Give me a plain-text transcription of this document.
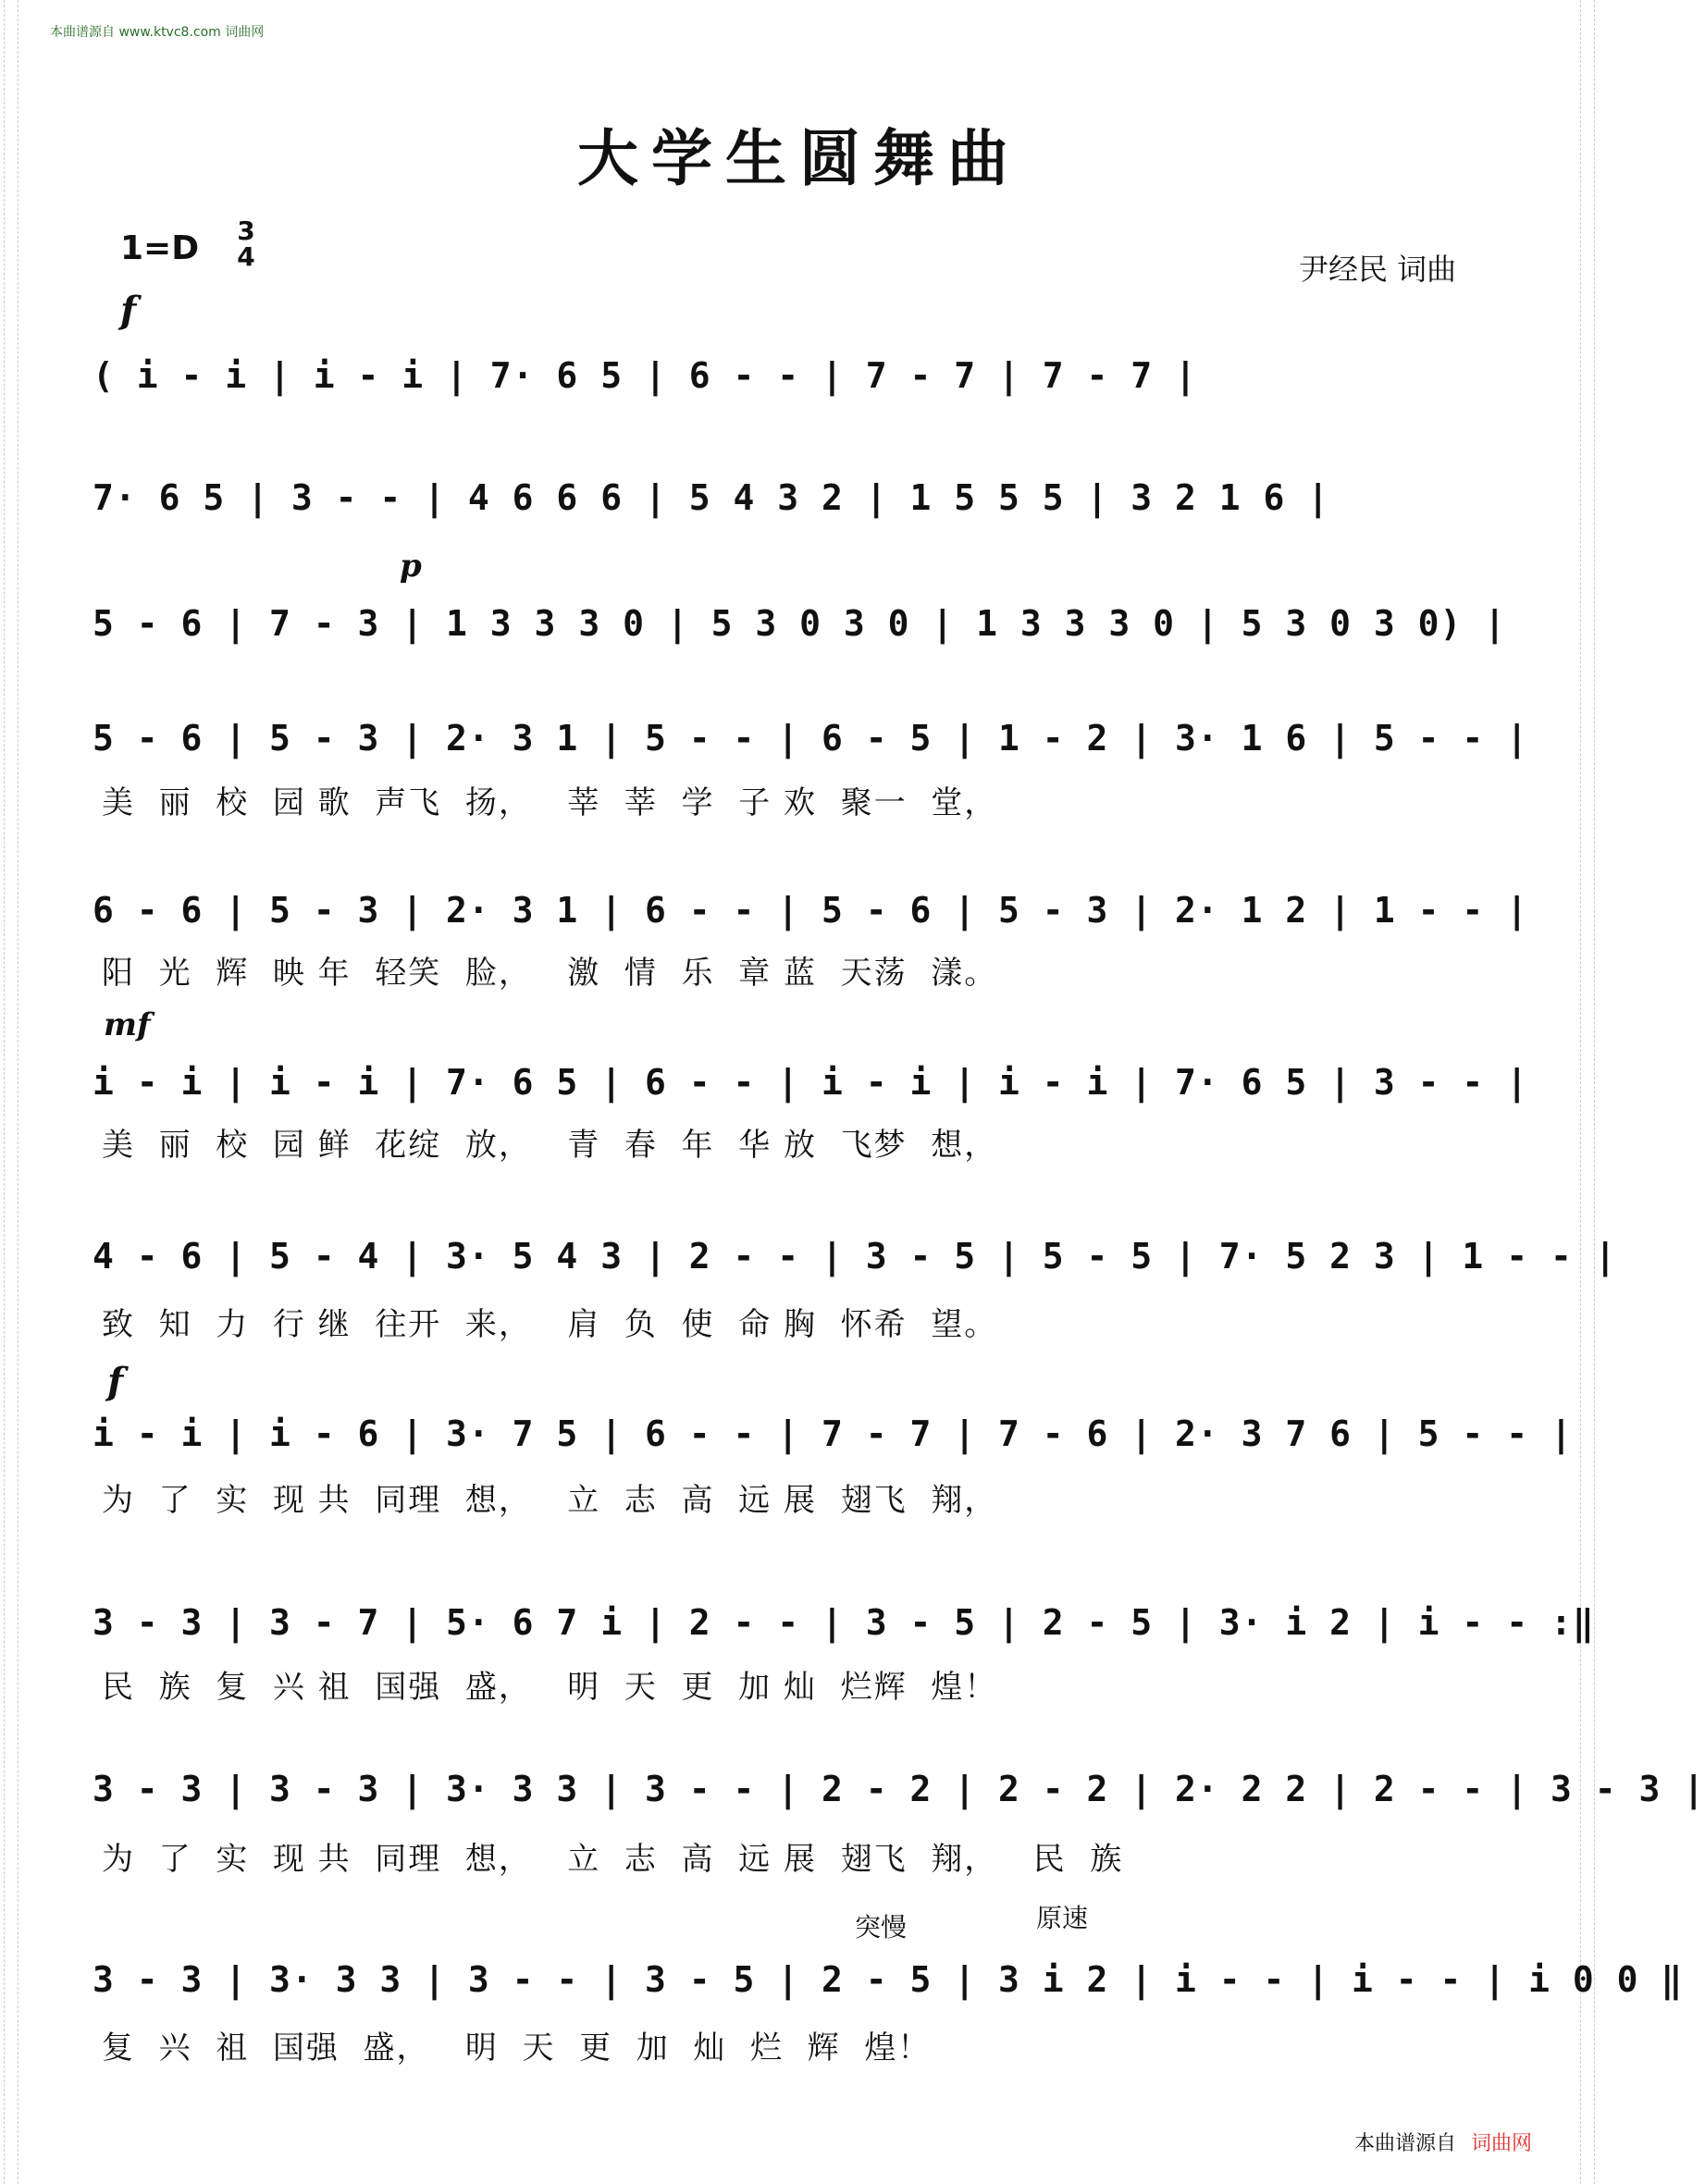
本曲谱源自 www.ktvc8.com 词曲网
大学生圆舞曲
1=D 3
4	尹经民 词曲
f
p
mf
f
突慢	原速
( i - i | i - i | 7· 6 5 | 6 - - | 7 - 7 | 7 - 7 |
7· 6 5 | 3 - - | 4 6 6 6 | 5 4 3 2 | 1 5 5 5 | 3 2 1 6 |
5 - 6 | 7 - 3 | 1 3 3 3 0 | 5 3 0 3 0 | 1 3 3 3 0 | 5 3 0 3 0) |
5 - 6 | 5 - 3 | 2· 3 1 | 5 - - | 6 - 5 | 1 - 2 | 3· 1 6 | 5 - - |
美  丽  校  园 歌  声飞  扬，   莘  莘  学  子 欢  聚一  堂，
6 - 6 | 5 - 3 | 2· 3 1 | 6 - - | 5 - 6 | 5 - 3 | 2· 1 2 | 1 - - |
阳  光  辉  映 年  轻笑  脸，   激  情  乐  章 蓝  天荡  漾。
i - i | i - i | 7· 6 5 | 6 - - | i - i | i - i | 7· 6 5 | 3 - - |
美  丽  校  园 鲜  花绽  放，   青  春  年  华 放  飞梦  想，
4 - 6 | 5 - 4 | 3· 5 4 3 | 2 - - | 3 - 5 | 5 - 5 | 7· 5 2 3 | 1 - - |
致  知  力  行 继  往开  来，   肩  负  使  命 胸  怀希  望。
i - i | i - 6 | 3· 7 5 | 6 - - | 7 - 7 | 7 - 6 | 2· 3 7 6 | 5 - - |
为  了  实  现 共  同理  想，   立  志  高  远 展  翅飞  翔，
3 - 3 | 3 - 7 | 5· 6 7 i | 2 - - | 3 - 5 | 2 - 5 | 3· i 2 | i - - :‖
民  族  复  兴 祖  国强  盛，   明  天  更  加 灿  烂辉  煌！
3 - 3 | 3 - 3 | 3· 3 3 | 3 - - | 2 - 2 | 2 - 2 | 2· 2 2 | 2 - - | 3 - 3 |
为  了  实  现 共  同理  想，   立  志  高  远 展  翅飞  翔，   民  族
3 - 3 | 3· 3 3 | 3 - - | 3 - 5 | 2 - 5 | 3 i 2 | i - - | i - - | i 0 0 ‖
复  兴  祖  国强  盛，   明  天  更  加  灿  烂  辉  煌！
本曲谱源自 词曲网
